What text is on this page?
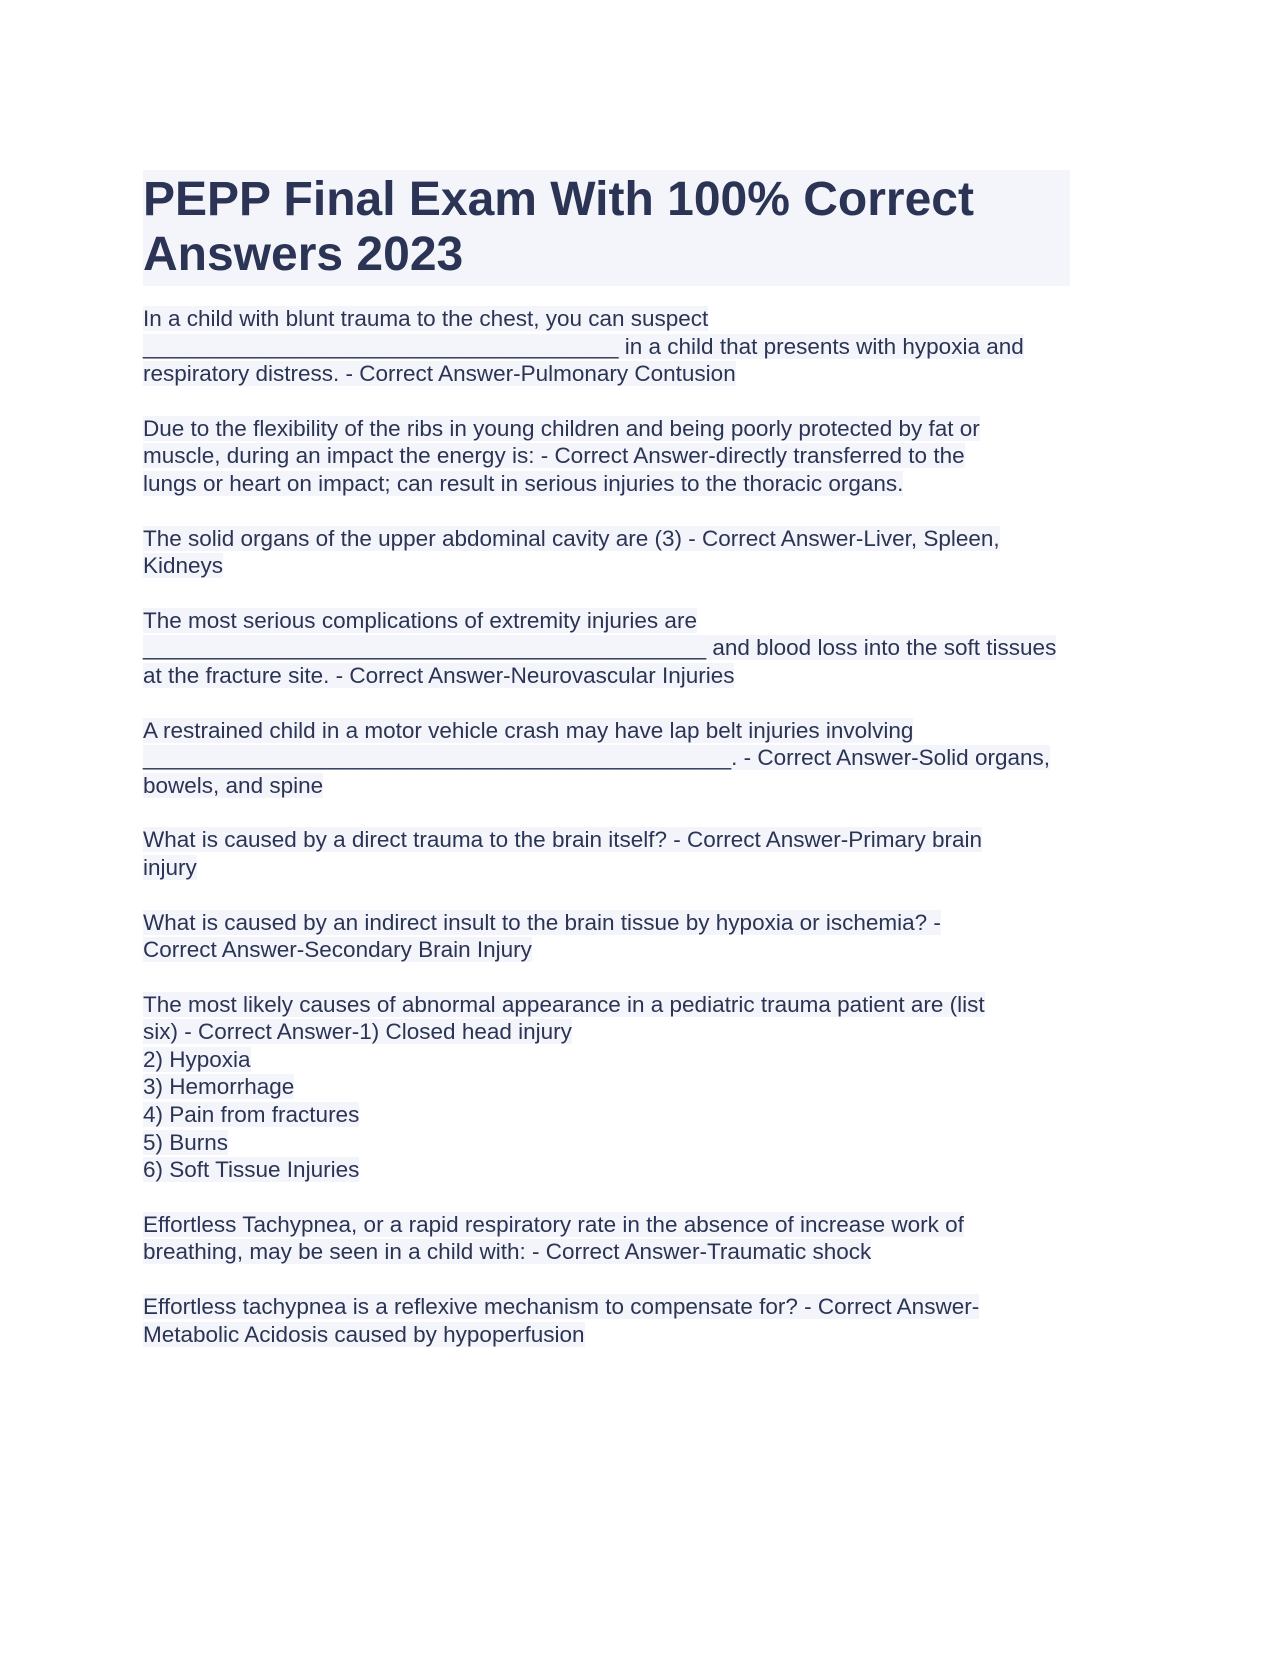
PEPP Final Exam With 100% Correct Answers 2023
In a child with blunt trauma to the chest, you can suspect
______________________________________ in a child that presents with hypoxia and
respiratory distress. - Correct Answer-Pulmonary Contusion
Due to the flexibility of the ribs in young children and being poorly protected by fat or
muscle, during an impact the energy is: - Correct Answer-directly transferred to the
lungs or heart on impact; can result in serious injuries to the thoracic organs.
The solid organs of the upper abdominal cavity are (3) - Correct Answer-Liver, Spleen,
Kidneys
The most serious complications of extremity injuries are
_____________________________________________ and blood loss into the soft tissues
at the fracture site. - Correct Answer-Neurovascular Injuries
A restrained child in a motor vehicle crash may have lap belt injuries involving
_______________________________________________. - Correct Answer-Solid organs,
bowels, and spine
What is caused by a direct trauma to the brain itself? - Correct Answer-Primary brain
injury
What is caused by an indirect insult to the brain tissue by hypoxia or ischemia? -
Correct Answer-Secondary Brain Injury
The most likely causes of abnormal appearance in a pediatric trauma patient are (list
six) - Correct Answer-1) Closed head injury
2) Hypoxia
3) Hemorrhage
4) Pain from fractures
5) Burns
6) Soft Tissue Injuries
Effortless Tachypnea, or a rapid respiratory rate in the absence of increase work of
breathing, may be seen in a child with: - Correct Answer-Traumatic shock
Effortless tachypnea is a reflexive mechanism to compensate for? - Correct Answer-
Metabolic Acidosis caused by hypoperfusion
